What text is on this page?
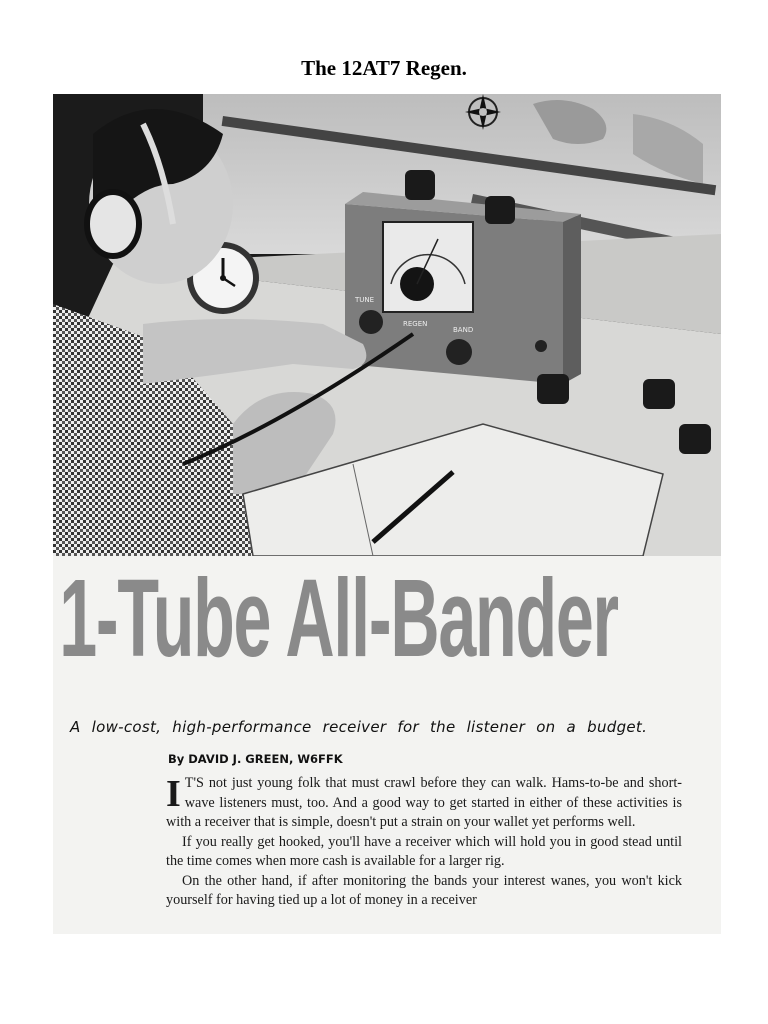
The 12AT7 Regen.
TUNE
REGEN
BAND
1-Tube All-Bander
A low-cost, high-performance receiver for the listener on a budget.
By DAVID J. GREEN, W6FFK

I T'S not just young folk that must crawl before they can walk. Hams-to-be and short-wave listeners must, too. And a good way to get started in either of these activities is with a receiver that is simple, doesn't put a strain on your wallet yet performs well.

If you really get hooked, you'll have a receiver which will hold you in good stead until the time comes when more cash is available for a larger rig.

On the other hand, if after monitoring the bands your interest wanes, you won't kick yourself for having tied up a lot of money in a receiver
